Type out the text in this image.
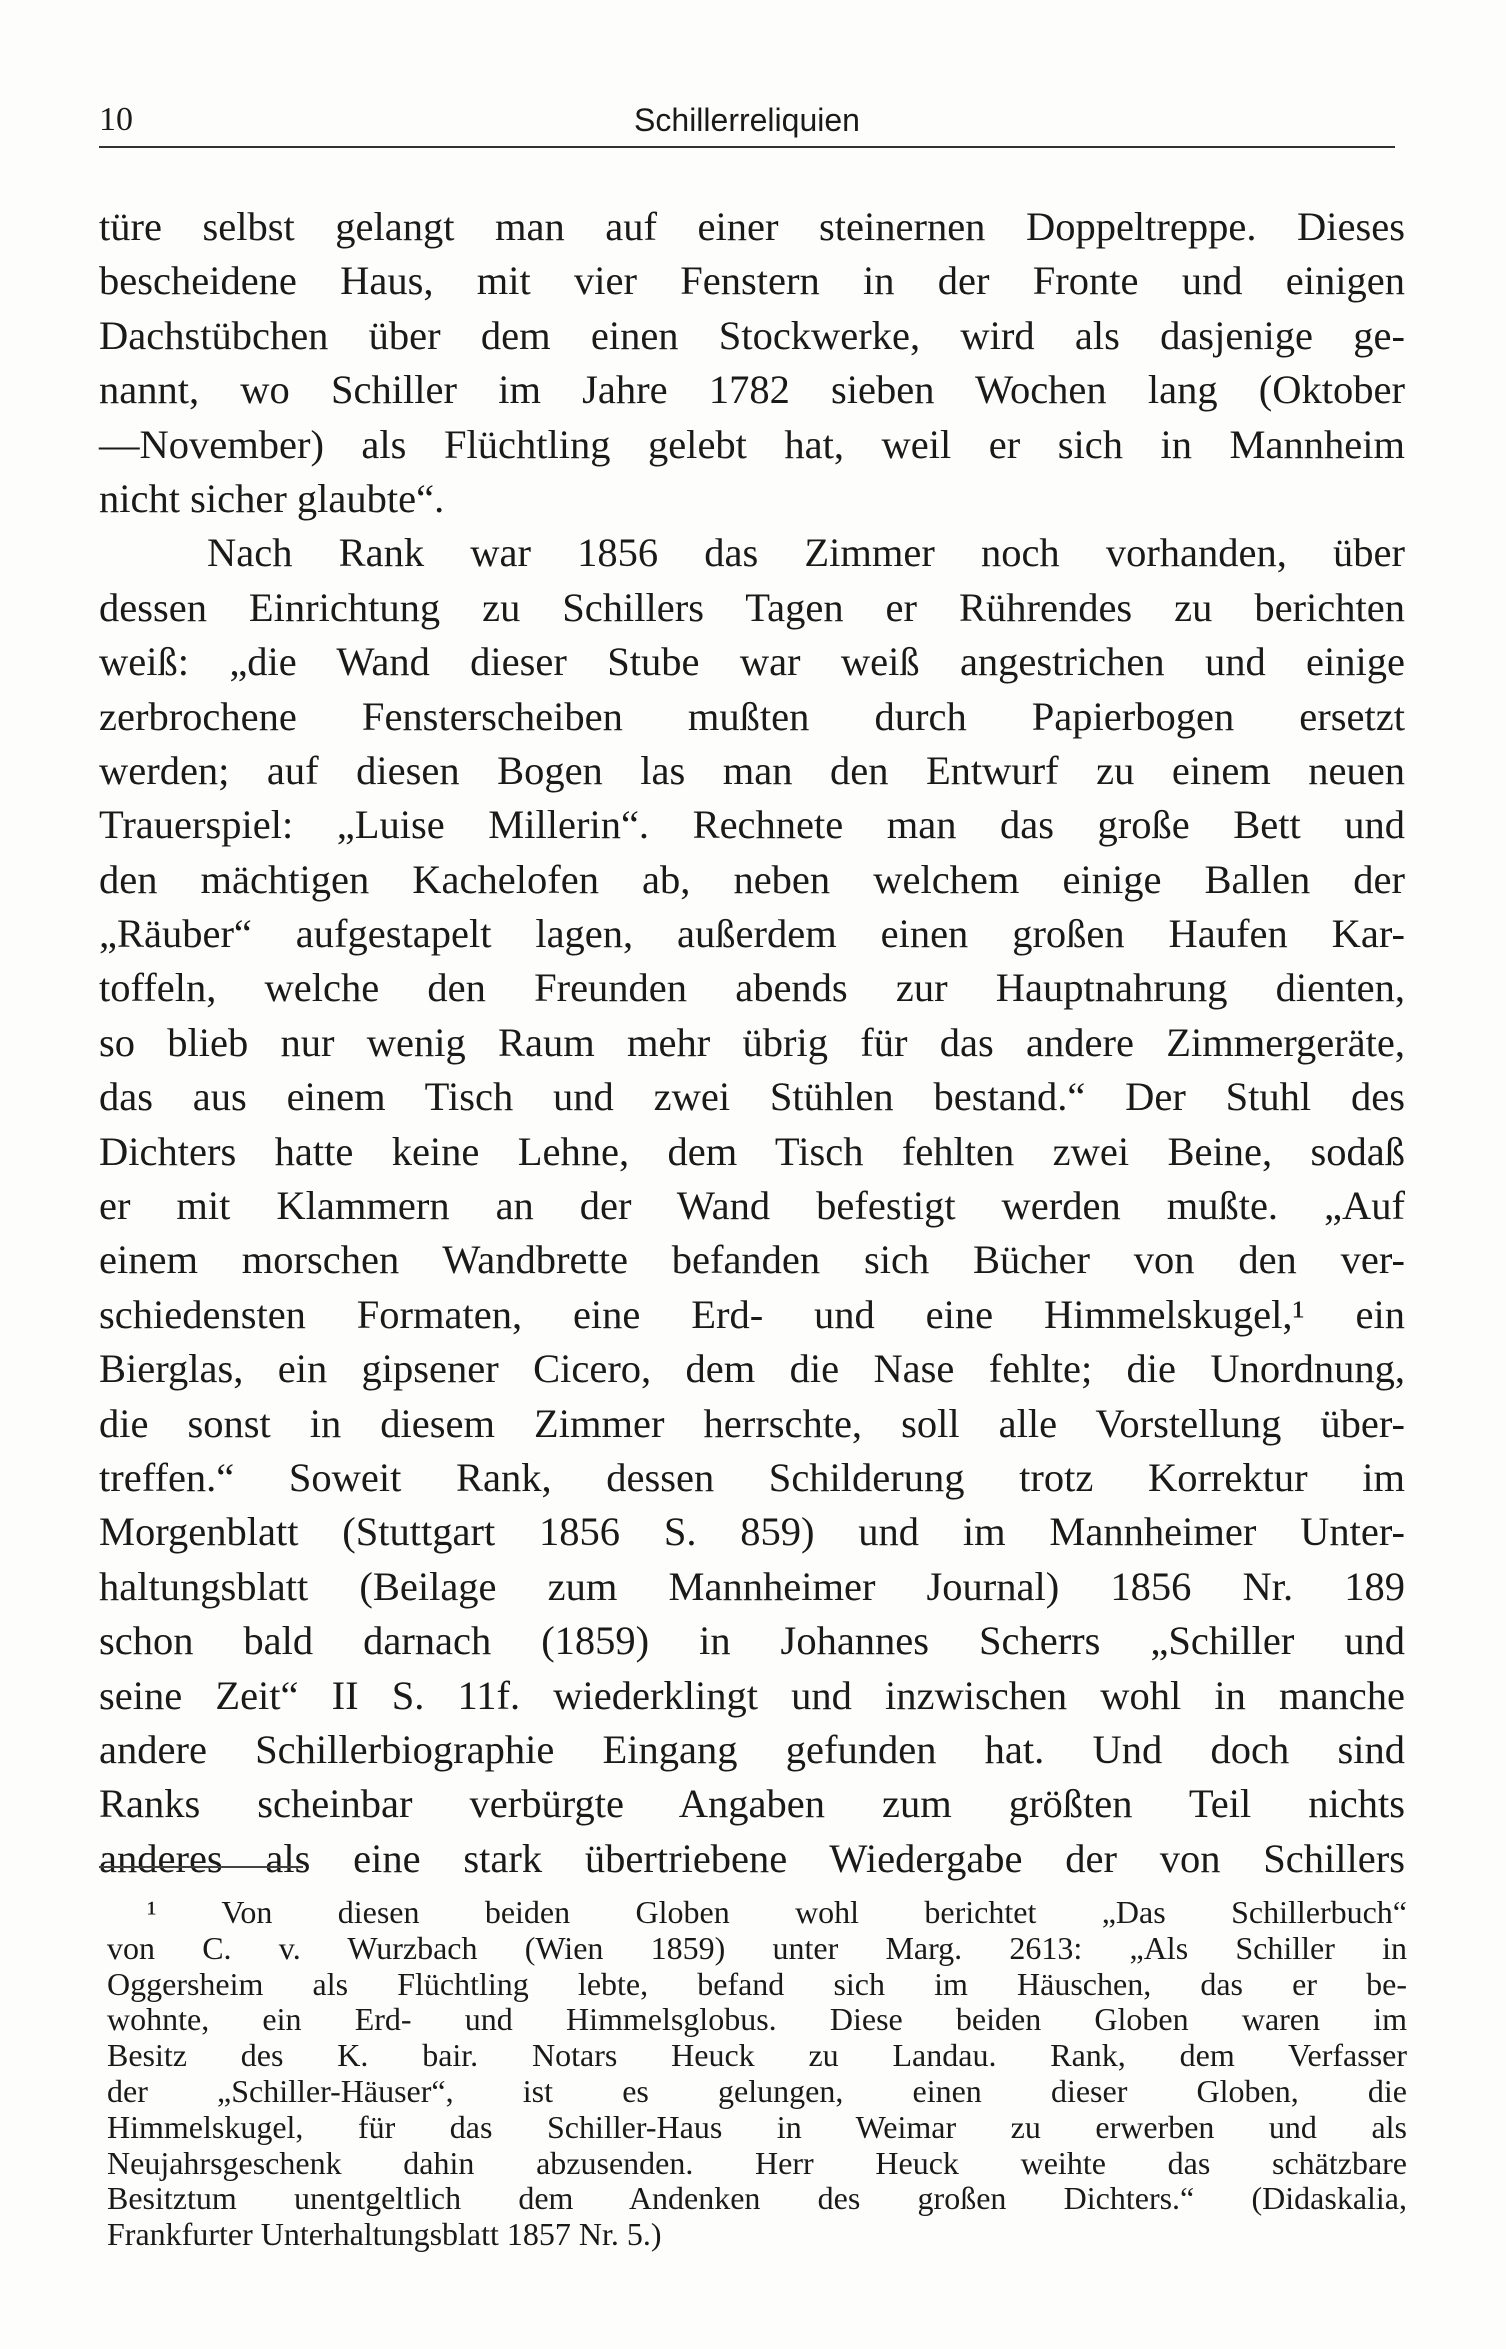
10	Schillerreliquien
türe selbst gelangt man auf einer steinernen Doppeltreppe. Dieses
bescheidene Haus, mit vier Fenstern in der Fronte und einigen
Dachstübchen über dem einen Stockwerke, wird als dasjenige ge-
nannt, wo Schiller im Jahre 1782 sieben Wochen lang (Oktober
—November) als Flüchtling gelebt hat, weil er sich in Mannheim
nicht sicher glaubte“.
Nach Rank war 1856 das Zimmer noch vorhanden, über
dessen Einrichtung zu Schillers Tagen er Rührendes zu berichten
weiß: „die Wand dieser Stube war weiß angestrichen und einige
zerbrochene Fensterscheiben mußten durch Papierbogen ersetzt
werden; auf diesen Bogen las man den Entwurf zu einem neuen
Trauerspiel: „Luise Millerin“. Rechnete man das große Bett und
den mächtigen Kachelofen ab, neben welchem einige Ballen der
„Räuber“ aufgestapelt lagen, außerdem einen großen Haufen Kar-
toffeln, welche den Freunden abends zur Hauptnahrung dienten,
so blieb nur wenig Raum mehr übrig für das andere Zimmergeräte,
das aus einem Tisch und zwei Stühlen bestand.“ Der Stuhl des
Dichters hatte keine Lehne, dem Tisch fehlten zwei Beine, sodaß
er mit Klammern an der Wand befestigt werden mußte. „Auf
einem morschen Wandbrette befanden sich Bücher von den ver-
schiedensten Formaten, eine Erd- und eine Himmelskugel,¹ ein
Bierglas, ein gipsener Cicero, dem die Nase fehlte; die Unordnung,
die sonst in diesem Zimmer herrschte, soll alle Vorstellung über-
treffen.“ Soweit Rank, dessen Schilderung trotz Korrektur im
Morgenblatt (Stuttgart 1856 S. 859) und im Mannheimer Unter-
haltungsblatt (Beilage zum Mannheimer Journal) 1856 Nr. 189
schon bald darnach (1859) in Johannes Scherrs „Schiller und
seine Zeit“ II S. 11f. wiederklingt und inzwischen wohl in manche
andere Schillerbiographie Eingang gefunden hat. Und doch sind
Ranks scheinbar verbürgte Angaben zum größten Teil nichts
anderes als eine stark übertriebene Wiedergabe der von Schillers
¹ Von diesen beiden Globen wohl berichtet „Das Schillerbuch“
von C. v. Wurzbach (Wien 1859) unter Marg. 2613: „Als Schiller in
Oggersheim als Flüchtling lebte, befand sich im Häuschen, das er be-
wohnte, ein Erd- und Himmelsglobus. Diese beiden Globen waren im
Besitz des K. bair. Notars Heuck zu Landau. Rank, dem Verfasser
der „Schiller-Häuser“, ist es gelungen, einen dieser Globen, die
Himmelskugel, für das Schiller-Haus in Weimar zu erwerben und als
Neujahrsgeschenk dahin abzusenden. Herr Heuck weihte das schätzbare
Besitztum unentgeltlich dem Andenken des großen Dichters.“ (Didaskalia,
Frankfurter Unterhaltungsblatt 1857 Nr. 5.)
